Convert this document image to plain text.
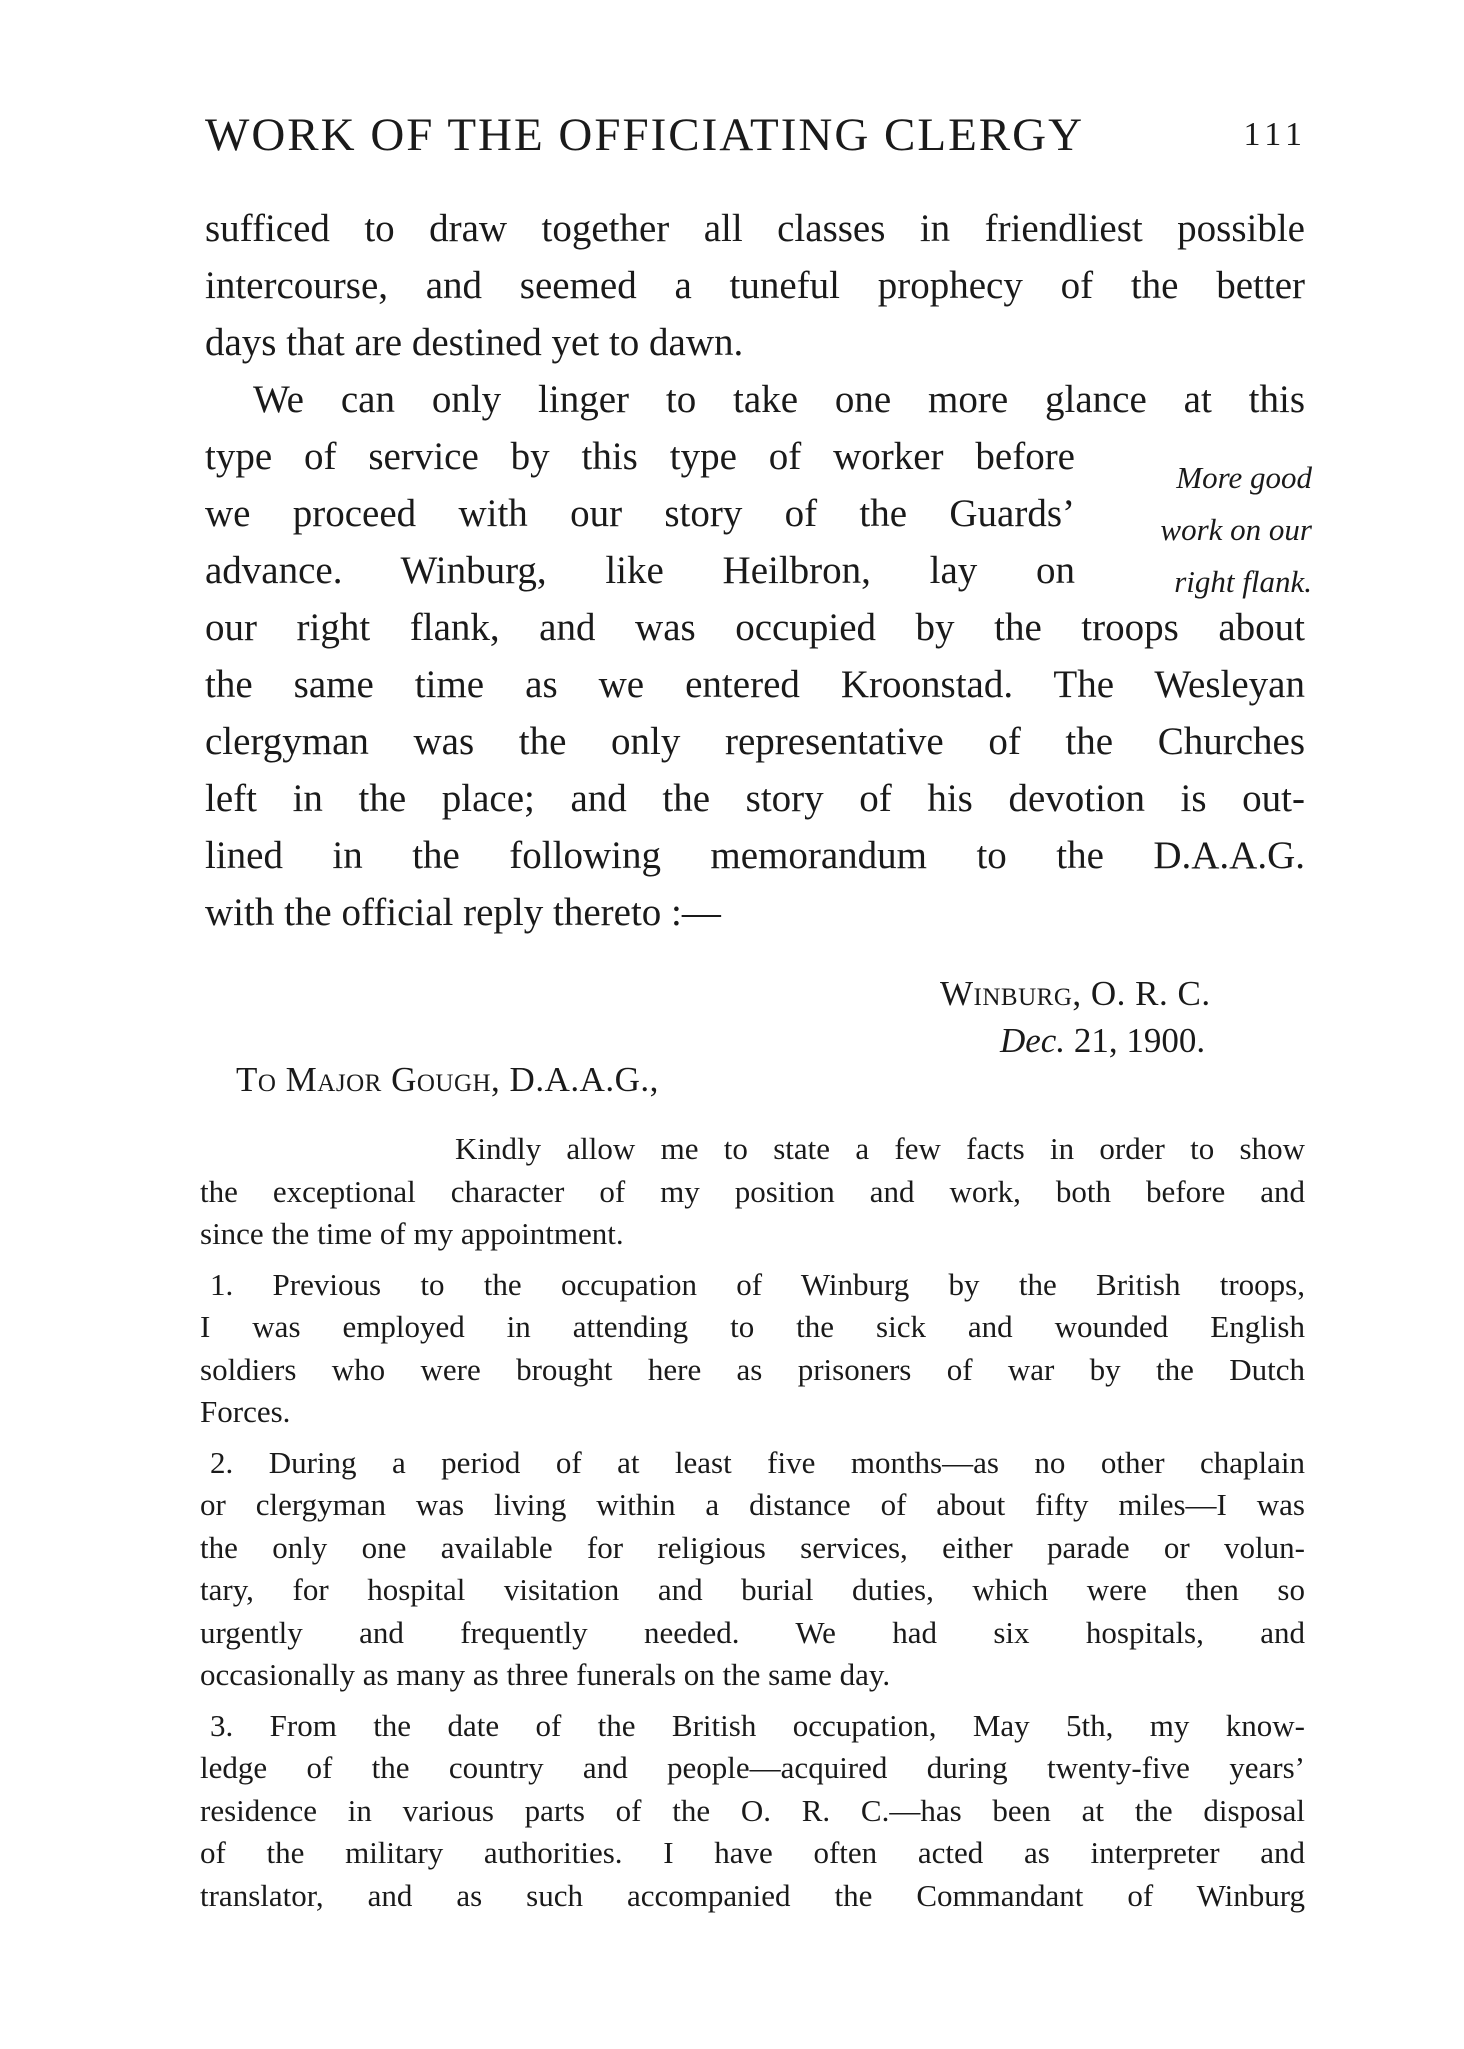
WORK OF THE OFFICIATING CLERGY	111
sufficed to draw together all classes in friendliest possible
intercourse, and seemed a tuneful prophecy of the better
days that are destined yet to dawn.
We can only linger to take one more glance at this
type of service by this type of worker before
we proceed with our story of the Guards’
advance. Winburg, like Heilbron, lay on
our right flank, and was occupied by the troops about
the same time as we entered Kroonstad. The Wesleyan
clergyman was the only representative of the Churches
left in the place; and the story of his devotion is out-
lined in the following memorandum to the D.A.A.G.
with the official reply thereto :—
More good
work on our
right flank.
Winburg, O. R. C.
Dec. 21, 1900.
To Major Gough, D.A.A.G.,
Kindly allow me to state a few facts in order to show
the exceptional character of my position and work, both before and
since the time of my appointment.
1. Previous to the occupation of Winburg by the British troops,
I was employed in attending to the sick and wounded English
soldiers who were brought here as prisoners of war by the Dutch
Forces.
2. During a period of at least five months—as no other chaplain
or clergyman was living within a distance of about fifty miles—I was
the only one available for religious services, either parade or volun-
tary, for hospital visitation and burial duties, which were then so
urgently and frequently needed. We had six hospitals, and
occasionally as many as three funerals on the same day.
3. From the date of the British occupation, May 5th, my know-
ledge of the country and people—acquired during twenty-five years’
residence in various parts of the O. R. C.—has been at the disposal
of the military authorities. I have often acted as interpreter and
translator, and as such accompanied the Commandant of Winburg
